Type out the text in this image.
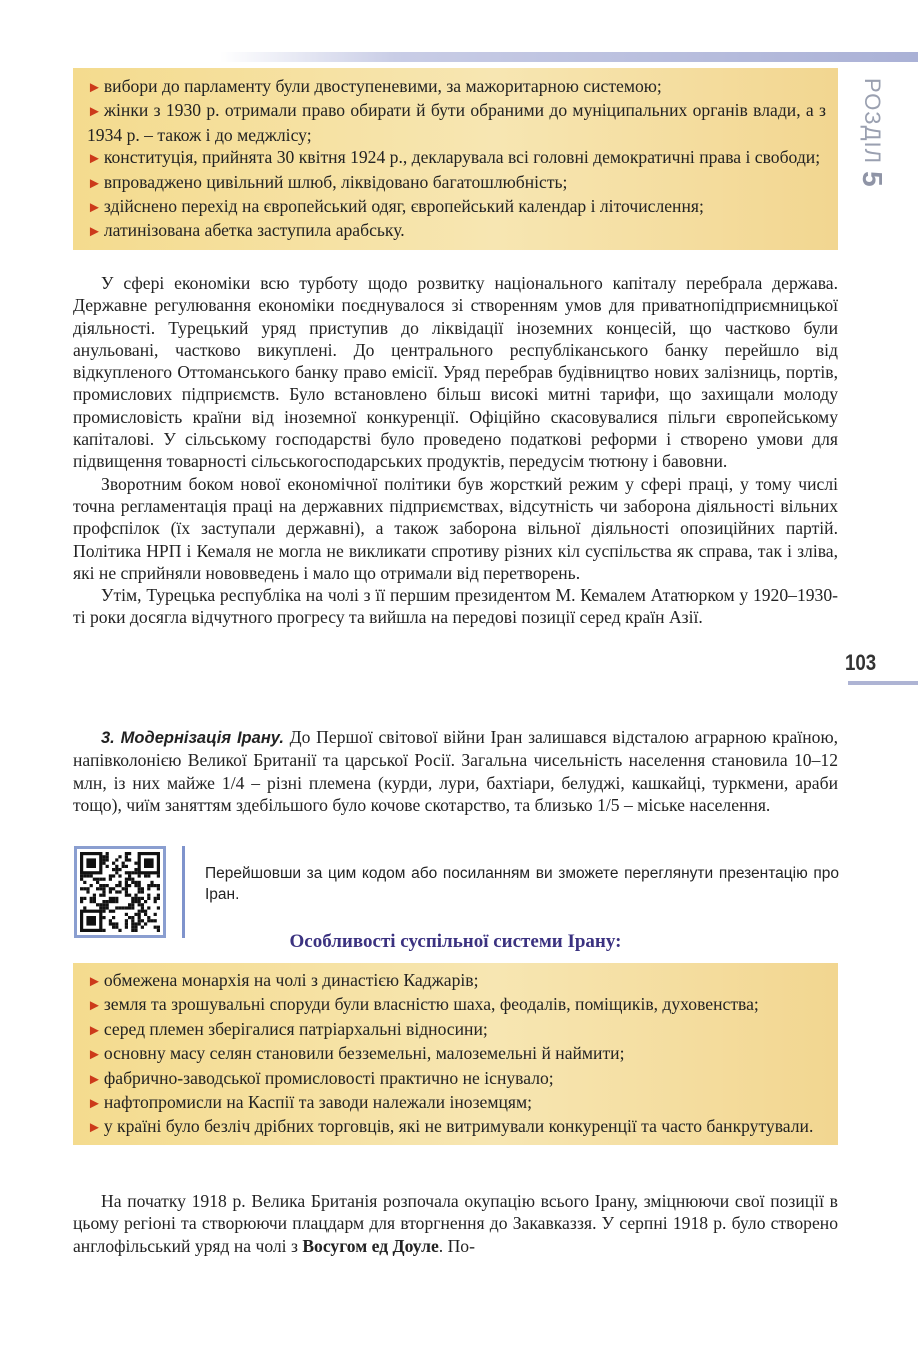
РОЗДІЛ 5
103
► вибори до парламенту були двоступеневими, за мажоритарною системою;
► жінки з 1930 р. отримали право обирати й бути обраними до муніципальних органів влади, а з 1934 р. – також і до меджлісу;
► конституція, прийнята 30 квітня 1924 р., декларувала всі головні демократичні права і свободи;
► впроваджено цивільний шлюб, ліквідовано багатошлюбність;
► здійснено перехід на європейський одяг, європейський календар і літочислення;
► латинізована абетка заступила арабську.

У сфері економіки всю турботу щодо розвитку національного капіталу перебрала держава. Державне регулювання економіки поєднувалося зі створенням умов для приватнопідприємницької діяльності. Турецький уряд приступив до ліквідації іноземних концесій, що частково були анульовані, частково викуплені. До центрального республіканського банку перейшло від відкупленого Оттоманського банку право емісії. Уряд перебрав будівництво нових залізниць, портів, промислових підприємств. Було встановлено більш високі митні тарифи, що захищали молоду промисловість країни від іноземної конкуренції. Офіційно скасовувалися пільги європейському капіталові. У сільському господарстві було проведено податкові реформи і створено умови для підвищення товарності сільськогосподарських продуктів, передусім тютюну і бавовни.

Зворотним боком нової економічної політики був жорсткий режим у сфері праці, у тому числі точна регламентація праці на державних підприємствах, відсутність чи заборона діяльності вільних профспілок (їх заступали державні), а також заборона вільної діяльності опозиційних партій. Політика НРП і Кемаля не могла не викликати спротиву різних кіл суспільства як справа, так і зліва, які не сприйняли нововведень і мало що отримали від перетворень.

Утім, Турецька республіка на чолі з її першим президентом М. Кемалем Ататюрком у 1920–1930-ті роки досягла відчутного прогресу та вийшла на передові позиції серед країн Азії.

3. Модернізація Ірану. До Першої світової війни Іран залишався відсталою аграрною країною, напівколонією Великої Британії та царської Росії. Загальна чисельність населення становила 10–12 млн, із них майже 1/4 – різні племена (курди, лури, бахтіари, белуджі, кашкайці, туркмени, араби тощо), чиїм заняттям здебільшого було кочове скотарство, та близько 1/5 – міське населення.

Перейшовши за цим кодом або посиланням ви зможете переглянути презентацію про Іран.
Особливості суспільної системи Ірану:
► обмежена монархія на чолі з династією Каджарів;
► земля та зрошувальні споруди були власністю шаха, феодалів, поміщиків, духовенства;
► серед племен зберігалися патріархальні відносини;
► основну масу селян становили безземельні, малоземельні й наймити;
► фабрично-заводської промисловості практично не існувало;
► нафтопромисли на Каспії та заводи належали іноземцям;
► у країні було безліч дрібних торговців, які не витримували конкуренції та часто банкрутували.

На початку 1918 р. Велика Британія розпочала окупацію всього Ірану, зміцнюючи свої позиції в цьому регіоні та створюючи плацдарм для вторгнення до Закавказзя. У серпні 1918 р. було створено англофільський уряд на чолі з Восугом ед Доуле. По-
